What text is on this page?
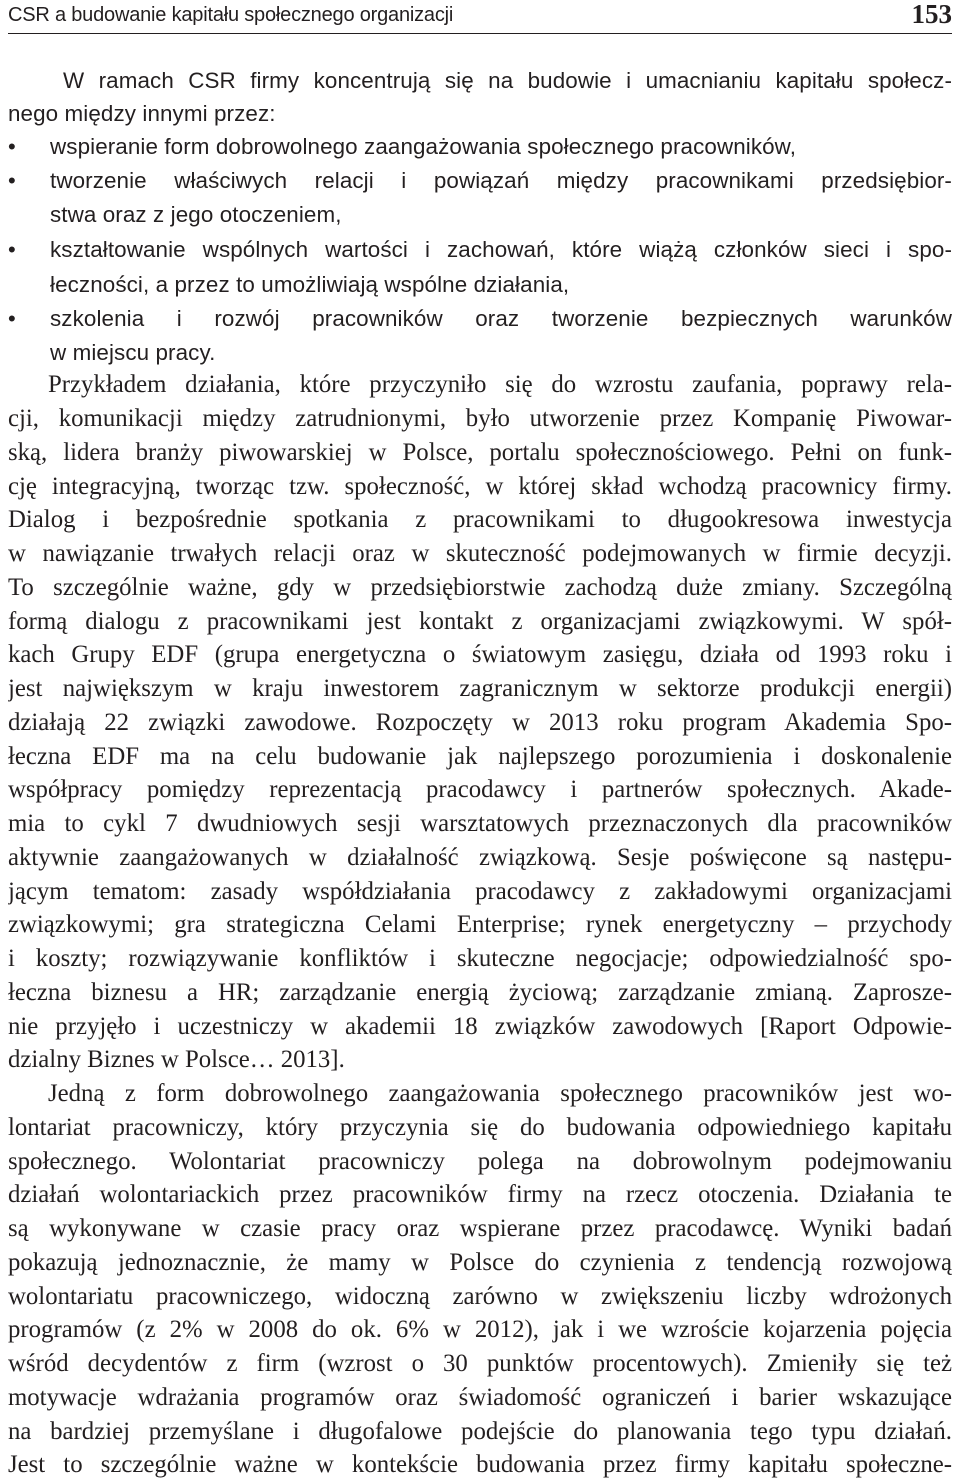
CSR a budowanie kapitału społecznego organizacji	153
W ramach CSR firmy koncentrują się na budowie i umacnianiu kapitału społecz-
nego między innymi przez:
•	wspieranie form dobrowolnego zaangażowania społecznego pracowników,
•	tworzenie właściwych relacji i powiązań między pracownikami przedsiębior-
stwa oraz z jego otoczeniem,
•	kształtowanie wspólnych wartości i zachowań, które wiążą członków sieci i spo-
łeczności, a przez to umożliwiają wspólne działania,
•	szkolenia i rozwój pracowników oraz tworzenie bezpiecznych warunków
w miejscu pracy.
Przykładem działania, które przyczyniło się do wzrostu zaufania, poprawy rela-
cji, komunikacji między zatrudnionymi, było utworzenie przez Kompanię Piwowar-
ską, lidera branży piwowarskiej w Polsce, portalu społecznościowego. Pełni on funk-
cję integracyjną, tworząc tzw. społeczność, w której skład wchodzą pracownicy firmy.
Dialog i bezpośrednie spotkania z pracownikami to długookresowa inwestycja
w nawiązanie trwałych relacji oraz w skuteczność podejmowanych w firmie decyzji.
To szczególnie ważne, gdy w przedsiębiorstwie zachodzą duże zmiany. Szczególną
formą dialogu z pracownikami jest kontakt z organizacjami związkowymi. W spół-
kach Grupy EDF (grupa energetyczna o światowym zasięgu, działa od 1993 roku i
jest największym w kraju inwestorem zagranicznym w sektorze produkcji energii)
działają 22 związki zawodowe. Rozpoczęty w 2013 roku program Akademia Spo-
łeczna EDF ma na celu budowanie jak najlepszego porozumienia i doskonalenie
współpracy pomiędzy reprezentacją pracodawcy i partnerów społecznych. Akade-
mia to cykl 7 dwudniowych sesji warsztatowych przeznaczonych dla pracowników
aktywnie zaangażowanych w działalność związkową. Sesje poświęcone są następu-
jącym tematom: zasady współdziałania pracodawcy z zakładowymi organizacjami
związkowymi; gra strategiczna Celami Enterprise; rynek energetyczny – przychody
i koszty; rozwiązywanie konfliktów i skuteczne negocjacje; odpowiedzialność spo-
łeczna biznesu a HR; zarządzanie energią życiową; zarządzanie zmianą. Zaprosze-
nie przyjęło i uczestniczy w akademii 18 związków zawodowych [Raport Odpowie-
dzialny Biznes w Polsce… 2013].
Jedną z form dobrowolnego zaangażowania społecznego pracowników jest wo-
lontariat pracowniczy, który przyczynia się do budowania odpowiedniego kapitału
społecznego. Wolontariat pracowniczy polega na dobrowolnym podejmowaniu
działań wolontariackich przez pracowników firmy na rzecz otoczenia. Działania te
są wykonywane w czasie pracy oraz wspierane przez pracodawcę. Wyniki badań
pokazują jednoznacznie, że mamy w Polsce do czynienia z tendencją rozwojową
wolontariatu pracowniczego, widoczną zarówno w zwiększeniu liczby wdrożonych
programów (z 2% w 2008 do ok. 6% w 2012), jak i we wzroście kojarzenia pojęcia
wśród decydentów z firm (wzrost o 30 punktów procentowych). Zmieniły się też
motywacje wdrażania programów oraz świadomość ograniczeń i barier wskazujące
na bardziej przemyślane i długofalowe podejście do planowania tego typu działań.
Jest to szczególnie ważne w kontekście budowania przez firmy kapitału społeczne-
